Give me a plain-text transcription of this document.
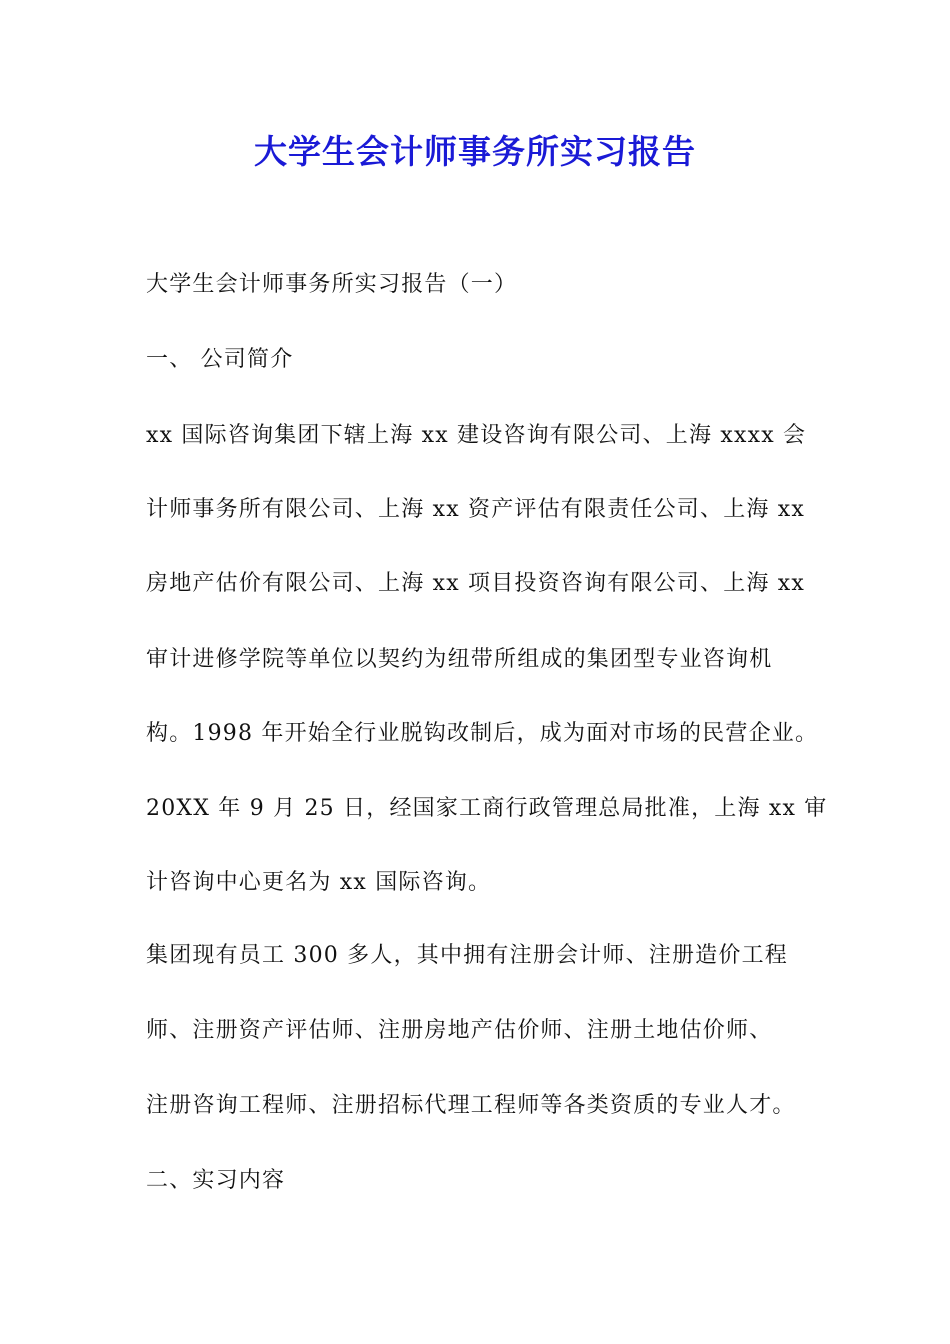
大学生会计师事务所实习报告
大学生会计师事务所实习报告（一）
一、 公司简介
xx 国际咨询集团下辖上海 xx 建设咨询有限公司、上海 xxxx 会
计师事务所有限公司、上海 xx 资产评估有限责任公司、上海 xx
房地产估价有限公司、上海 xx 项目投资咨询有限公司、上海 xx
审计进修学院等单位以契约为纽带所组成的集团型专业咨询机
构。1998 年开始全行业脱钩改制后，成为面对市场的民营企业。
20XX 年 9 月 25 日，经国家工商行政管理总局批准，上海 xx 审
计咨询中心更名为 xx 国际咨询。
集团现有员工 300 多人，其中拥有注册会计师、注册造价工程
师、注册资产评估师、注册房地产估价师、注册土地估价师、
注册咨询工程师、注册招标代理工程师等各类资质的专业人才。
二、实习内容
